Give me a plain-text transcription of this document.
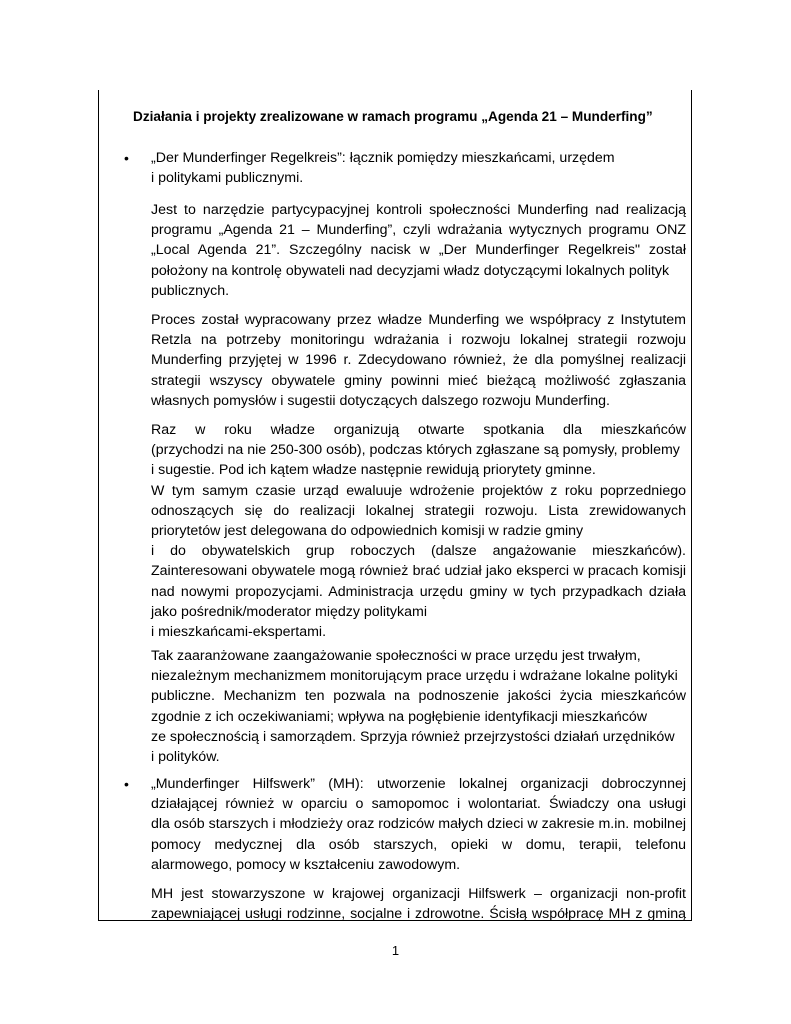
Działania i projekty zrealizowane w ramach programu „Agenda 21 – Munderfing”
• „Der Munderfinger Regelkreis”: łącznik pomiędzy mieszkańcami, urzędem
i politykami publicznymi.
Jest to narzędzie partycypacyjnej kontroli społeczności Munderfing nad realizacją
programu „Agenda 21 – Munderfing”, czyli wdrażania wytycznych programu ONZ
„Local Agenda 21”. Szczególny nacisk w „Der Munderfinger Regelkreis" został
położony na kontrolę obywateli nad decyzjami władz dotyczącymi lokalnych polityk
publicznych.
Proces został wypracowany przez władze Munderfing we współpracy z Instytutem
Retzla na potrzeby monitoringu wdrażania i rozwoju lokalnej strategii rozwoju
Munderfing przyjętej w 1996 r. Zdecydowano również, że dla pomyślnej realizacji
strategii wszyscy obywatele gminy powinni mieć bieżącą możliwość zgłaszania
własnych pomysłów i sugestii dotyczących dalszego rozwoju Munderfing.
Raz w roku władze organizują otwarte spotkania dla mieszkańców
(przychodzi na nie 250-300 osób), podczas których zgłaszane są pomysły, problemy
i sugestie. Pod ich kątem władze następnie rewidują priorytety gminne.
W tym samym czasie urząd ewaluuje wdrożenie projektów z roku poprzedniego
odnoszących się do realizacji lokalnej strategii rozwoju. Lista zrewidowanych
priorytetów jest delegowana do odpowiednich komisji w radzie gminy
i do obywatelskich grup roboczych (dalsze angażowanie mieszkańców).
Zainteresowani obywatele mogą również brać udział jako eksperci w pracach komisji
nad nowymi propozycjami. Administracja urzędu gminy w tych przypadkach działa
jako pośrednik/moderator między politykami
i mieszkańcami-ekspertami.
Tak zaaranżowane zaangażowanie społeczności w prace urzędu jest trwałym,
niezależnym mechanizmem monitorującym prace urzędu i wdrażane lokalne polityki
publiczne. Mechanizm ten pozwala na podnoszenie jakości życia mieszkańców
zgodnie z ich oczekiwaniami; wpływa na pogłębienie identyfikacji mieszkańców
ze społecznością i samorządem. Sprzyja również przejrzystości działań urzędników
i polityków.
• „Munderfinger Hilfswerk” (MH): utworzenie lokalnej organizacji dobroczynnej
działającej również w oparciu o samopomoc i wolontariat. Świadczy ona usługi
dla osób starszych i młodzieży oraz rodziców małych dzieci w zakresie m.in. mobilnej
pomocy medycznej dla osób starszych, opieki w domu, terapii, telefonu
alarmowego, pomocy w kształceniu zawodowym.
MH jest stowarzyszone w krajowej organizacji Hilfswerk – organizacji non-profit
zapewniającej usługi rodzinne, socjalne i zdrowotne. Ścisłą współpracę MH z gminą
1
